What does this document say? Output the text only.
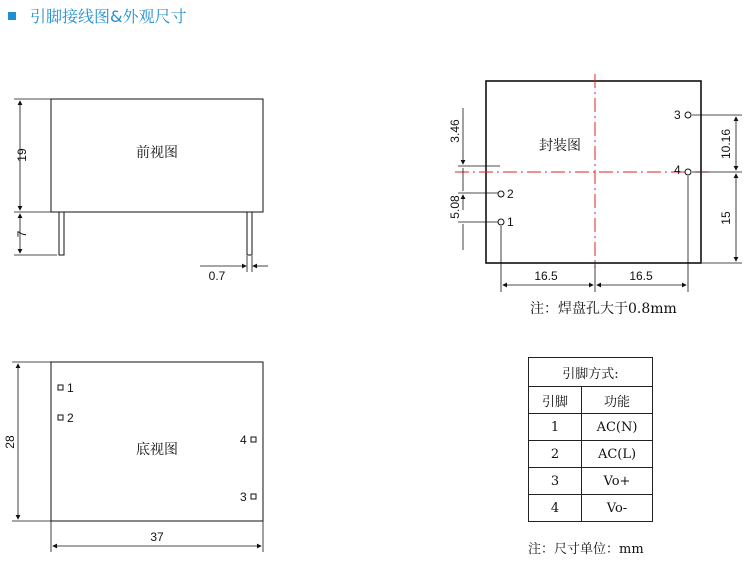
引脚接线图&外观尺寸
前视图
19
7
0.7
封装图
2
1
3
4
3.46
5.08
10.16
15
16.5	16.5
底视图
1
2
4
3
28
37
注：焊盘孔大于0.8mm
引脚方式:	
引脚	功能
1	AC(N)
2	AC(L)
3	Vo+
4	Vo-
注：尺寸单位：mm
